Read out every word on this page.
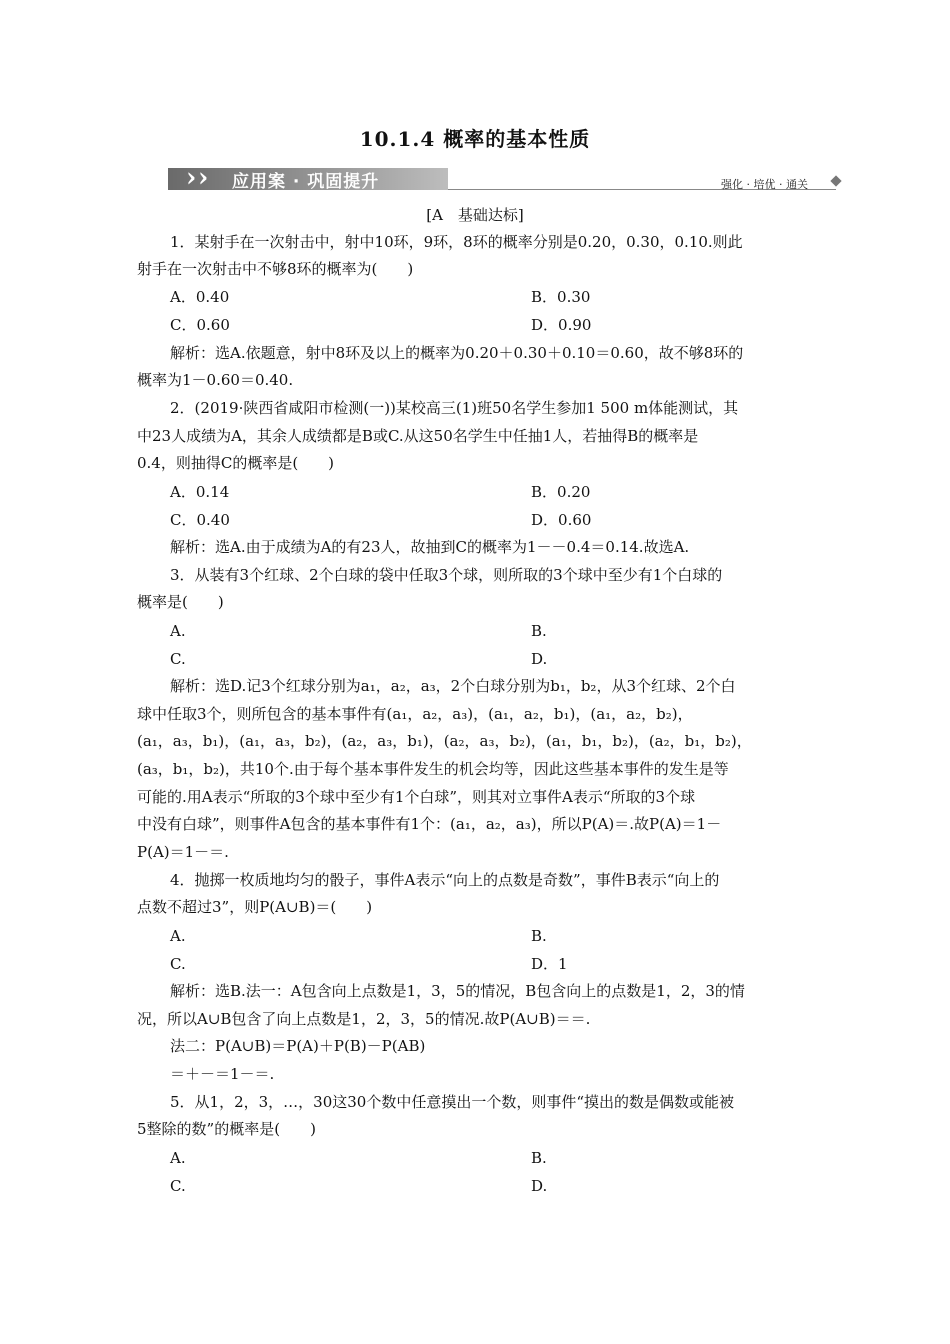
10.1.4 概率的基本性质
› › 应用案 · 巩固提升	强化 · 培优 · 通关
[A　基础达标]
1．某射手在一次射击中，射中10环，9环，8环的概率分别是0.20，0.30，0.10.则此
射手在一次射击中不够8环的概率为(　　)
A．0.40	B．0.30
C．0.60	D．0.90
解析：选A.依题意，射中8环及以上的概率为0.20＋0.30＋0.10＝0.60，故不够8环的
概率为1－0.60＝0.40.
2．(2019·陕西省咸阳市检测(一))某校高三(1)班50名学生参加1 500 m体能测试，其
中23人成绩为A，其余人成绩都是B或C.从这50名学生中任抽1人，若抽得B的概率是
0.4，则抽得C的概率是(　　)
A．0.14	B．0.20
C．0.40	D．0.60
解析：选A.由于成绩为A的有23人，故抽到C的概率为1－－0.4＝0.14.故选A.
3．从装有3个红球、2个白球的袋中任取3个球，则所取的3个球中至少有1个白球的
概率是(　　)
A.	B.
C.	D.
解析：选D.记3个红球分别为a₁，a₂，a₃，2个白球分别为b₁，b₂，从3个红球、2个白
球中任取3个，则所包含的基本事件有(a₁，a₂，a₃)，(a₁，a₂，b₁)，(a₁，a₂，b₂)，
(a₁，a₃，b₁)，(a₁，a₃，b₂)，(a₂，a₃，b₁)，(a₂，a₃，b₂)，(a₁，b₁，b₂)，(a₂，b₁，b₂)，
(a₃，b₁，b₂)，共10个.由于每个基本事件发生的机会均等，因此这些基本事件的发生是等
可能的.用A表示“所取的3个球中至少有1个白球”，则其对立事件A表示“所取的3个球
中没有白球”，则事件A包含的基本事件有1个：(a₁，a₂，a₃)，所以P(A)＝.故P(A)＝1－
P(A)＝1－＝.
4．抛掷一枚质地均匀的骰子，事件A表示“向上的点数是奇数”，事件B表示“向上的
点数不超过3”，则P(A∪B)＝(　　)
A.	B.
C.	D．1
解析：选B.法一：A包含向上点数是1，3，5的情况，B包含向上的点数是1，2，3的情
况，所以A∪B包含了向上点数是1，2，3，5的情况.故P(A∪B)＝＝.
法二：P(A∪B)＝P(A)＋P(B)－P(AB)
＝＋－＝1－＝.
5．从1，2，3，…，30这30个数中任意摸出一个数，则事件“摸出的数是偶数或能被
5整除的数”的概率是(　　)
A.	B.
C.	D.
